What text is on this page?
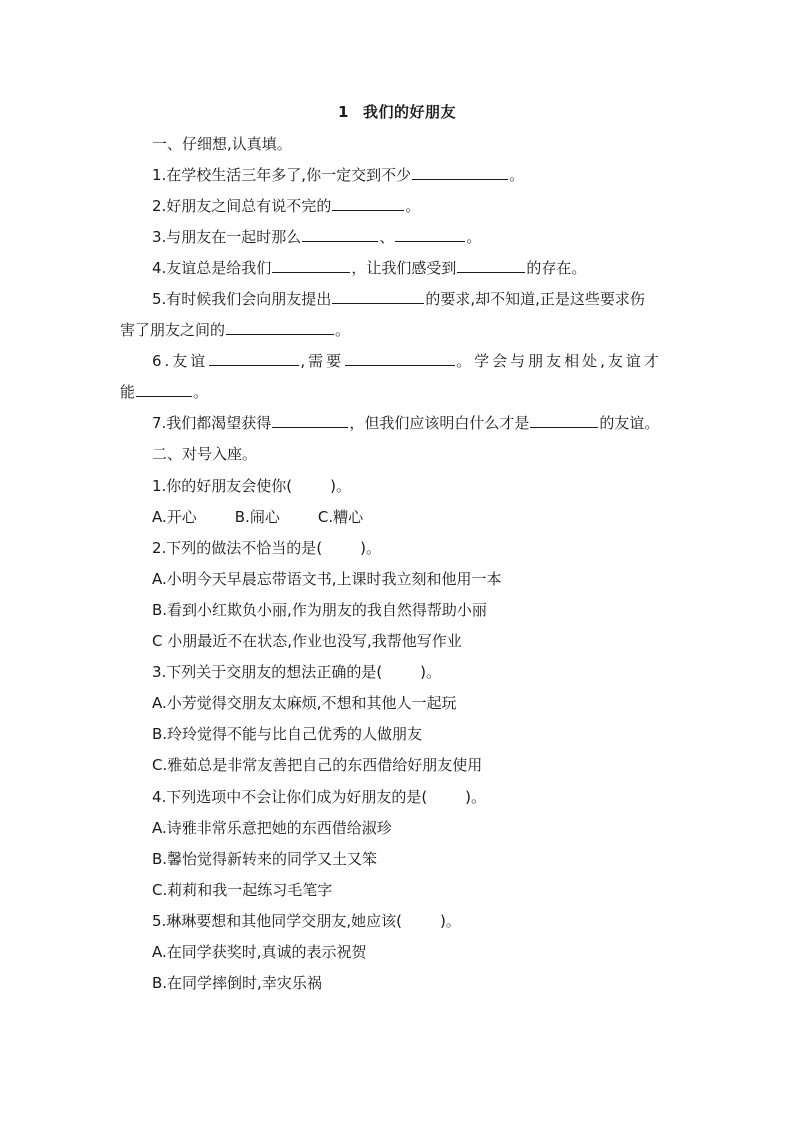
1 我们的好朋友
一、仔细想,认真填。
1.在学校生活三年多了,你一定交到不少	。
2.好朋友之间总有说不完的	。
3.与朋友在一起时那么	、	。
4.友谊总是给我们	，让我们感受到	的存在。
5.有时候我们会向朋友提出	的要求,却不知道,正是这些要求伤
害了朋友之间的	。
6.友谊	,需要	。学会与朋友相处,友谊才
能	。
7.我们都渴望获得	，但我们应该明白什么才是	的友谊。
二、对号入座。
1.你的好朋友会使你(	)。
A.开心	B.闹心	C.糟心
2.下列的做法不恰当的是(	)。
A.小明今天早晨忘带语文书,上课时我立刻和他用一本
B.看到小红欺负小丽,作为朋友的我自然得帮助小丽
C 小朋最近不在状态,作业也没写,我帮他写作业
3.下列关于交朋友的想法正确的是(	)。
A.小芳觉得交朋友太麻烦,不想和其他人一起玩
B.玲玲觉得不能与比自己优秀的人做朋友
C.雅茹总是非常友善把自己的东西借给好朋友使用
4.下列选项中不会让你们成为好朋友的是(	)。
A.诗雅非常乐意把她的东西借给淑珍
B.馨怡觉得新转来的同学又土又笨
C.莉莉和我一起练习毛笔字
5.琳琳要想和其他同学交朋友,她应该(	)。
A.在同学获奖时,真诚的表示祝贺
B.在同学摔倒时,幸灾乐祸
